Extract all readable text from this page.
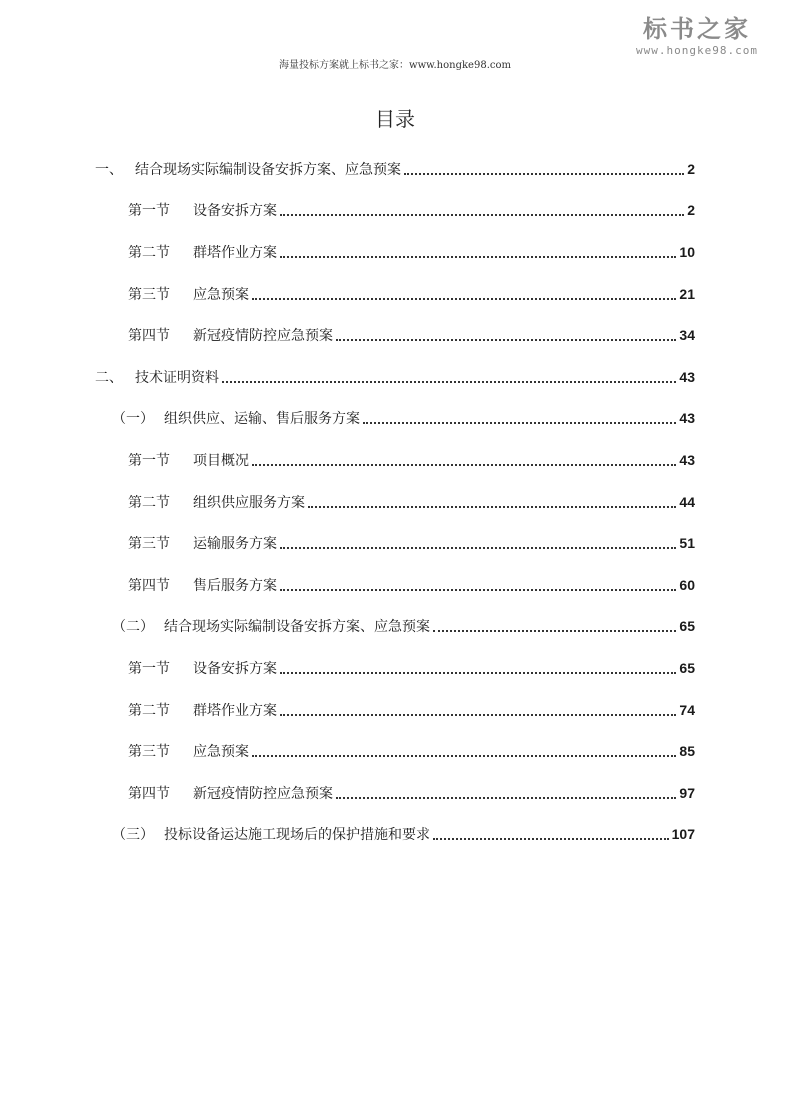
海量投标方案就上标书之家：www.hongke98.com
标书之家
www.hongke98.com
目录
一、 结合现场实际编制设备安拆方案、应急预案	2
第一节	设备安拆方案	2
第二节	群塔作业方案	10
第三节	应急预案	21
第四节	新冠疫情防控应急预案	34
二、 技术证明资料	43
（一） 组织供应、运输、售后服务方案	43
第一节	项目概况	43
第二节	组织供应服务方案	44
第三节	运输服务方案	51
第四节	售后服务方案	60
（二） 结合现场实际编制设备安拆方案、应急预案	65
第一节	设备安拆方案	65
第二节	群塔作业方案	74
第三节	应急预案	85
第四节	新冠疫情防控应急预案	97
（三） 投标设备运达施工现场后的保护措施和要求	107
